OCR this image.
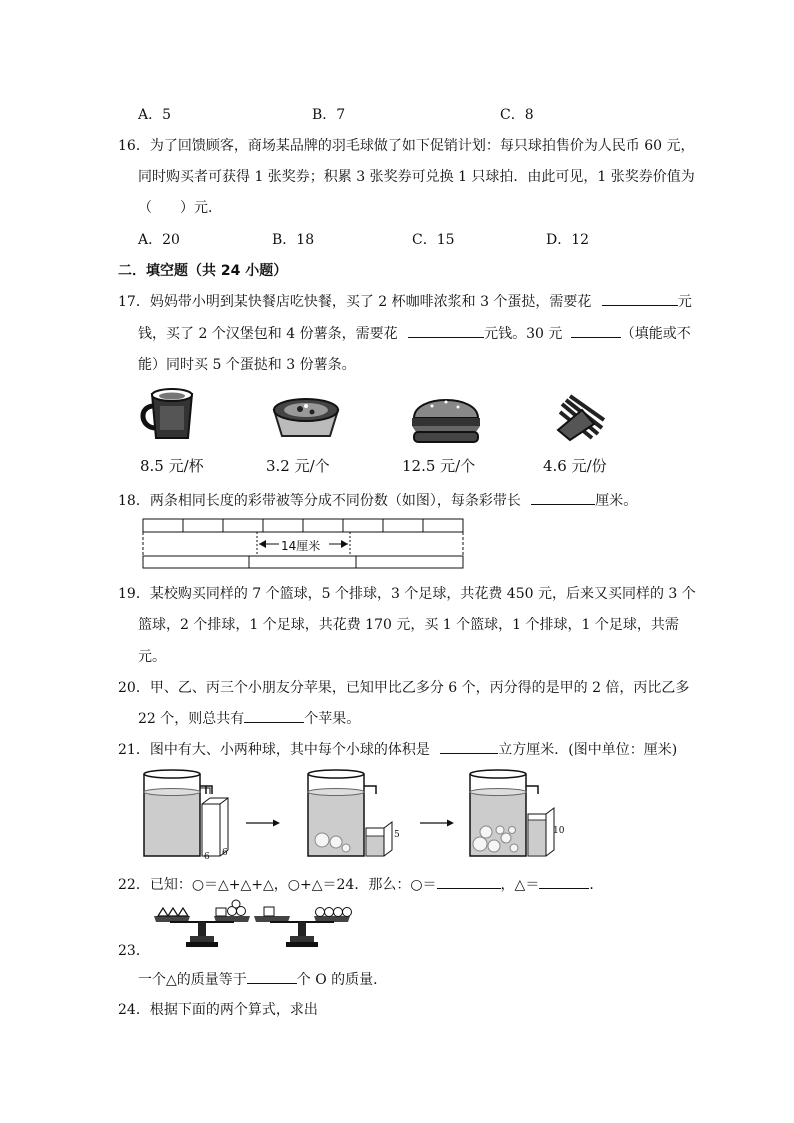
A．5	B．7	C．8
16．为了回馈顾客，商场某品牌的羽毛球做了如下促销计划：每只球拍售价为人民币 60 元，
同时购买者可获得 1 张奖券；积累 3 张奖券可兑换 1 只球拍．由此可见，1 张奖券价值为
（　　）元．
A．20	B．18	C．15	D．12
二．填空题（共 24 小题）
17．妈妈带小明到某快餐店吃快餐，买了 2 杯咖啡浓浆和 3 个蛋挞，需要花	元
钱，买了 2 个汉堡包和 4 份薯条，需要花	元钱。30 元	（填能或不
能）同时买 5 个蛋挞和 3 份薯条。
8.5 元/杯	3.2 元/个	12.5 元/个	4.6 元/份
18．两条相同长度的彩带被等分成不同份数（如图），每条彩带长	厘米。
14厘米
19．某校购买同样的 7 个篮球，5 个排球，3 个足球，共花费 450 元，后来又买同样的 3 个
篮球，2 个排球，1 个足球，共花费 170 元，买 1 个篮球，1 个排球，1 个足球，共需
元。
20．甲、乙、丙三个小朋友分苹果，已知甲比乙多分 6 个，丙分得的是甲的 2 倍，丙比乙多
22 个，则总共有	个苹果。
21．图中有大、小两种球，其中每个小球的体积是	立方厘米．(图中单位：厘米)
6 6
5	10
22．已知：○＝△+△+△，○+△＝24．那么：○＝	，△＝	．
23．
一个△的质量等于	个 O 的质量．
24．根据下面的两个算式，求出
